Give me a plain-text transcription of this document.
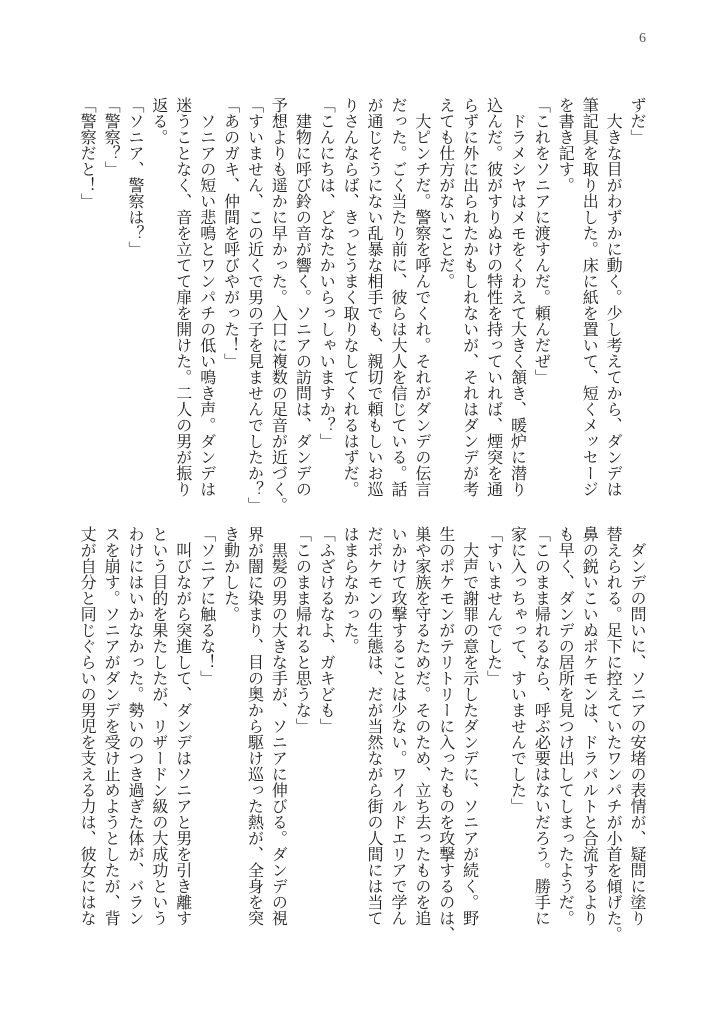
6
ずだ」
　大きな目がわずかに動く。少し考えてから、ダンデは
筆記具を取り出した。床に紙を置いて、短くメッセージ
を書き記す。
「これをソニアに渡すんだ。頼んだぜ」
　ドラメシヤはメモをくわえて大きく頷き、暖炉に潜り
込んだ。彼がすりぬけの特性を持っていれば、煙突を通
らずに外に出られたかもしれないが、それはダンデが考
えても仕方がないことだ。
　大ピンチだ。警察を呼んでくれ。それがダンデの伝言
だった。ごく当たり前に、彼らは大人を信じている。話
が通じそうにない乱暴な相手でも、親切で頼もしいお巡
りさんならば、きっとうまく取りなしてくれるはずだ。
「こんにちは、どなたかいらっしゃいますか？」
　建物に呼び鈴の音が響く。ソニアの訪問は、ダンデの
予想よりも遥かに早かった。入口に複数の足音が近づく。
「すいません、この近くで男の子を見ませんでしたか？」
「あのガキ、仲間を呼びやがった！」
　ソニアの短い悲鳴とワンパチの低い鳴き声。ダンデは
迷うことなく、音を立てて扉を開けた。二人の男が振り
返る。
「ソニア、警察は？」
「警察？」
「警察だと！」
　ダンデの問いに、ソニアの安堵の表情が、疑問に塗り
替えられる。足下に控えていたワンパチが小首を傾げた。
鼻の鋭いこいぬポケモンは、ドラパルトと合流するより
も早く、ダンデの居所を見つけ出してしまったようだ。
「このまま帰れるなら、呼ぶ必要はないだろう。勝手に
家に入っちゃって、すいませんでした」
「すいませんでした」
　大声で謝罪の意を示したダンデに、ソニアが続く。野
生のポケモンがテリトリーに入ったものを攻撃するのは、
巣や家族を守るためだ。そのため、立ち去ったものを追
いかけて攻撃することは少ない。ワイルドエリアで学ん
だポケモンの生態は、だが当然ながら街の人間には当て
はまらなかった。
「ふざけるなよ、ガキども」
「このまま帰れると思うな」
　黒髪の男の大きな手が、ソニアに伸びる。ダンデの視
界が闇に染まり、目の奥から駆け巡った熱が、全身を突
き動かした。
「ソニアに触るな！」
　叫びながら突進して、ダンデはソニアと男を引き離す
という目的を果たしたが、リザードン級の大成功という
わけにはいかなかった。勢いのつき過ぎた体が、バラン
スを崩す。ソニアがダンデを受け止めようとしたが、背
丈が自分と同じぐらいの男児を支える力は、彼女にはな
